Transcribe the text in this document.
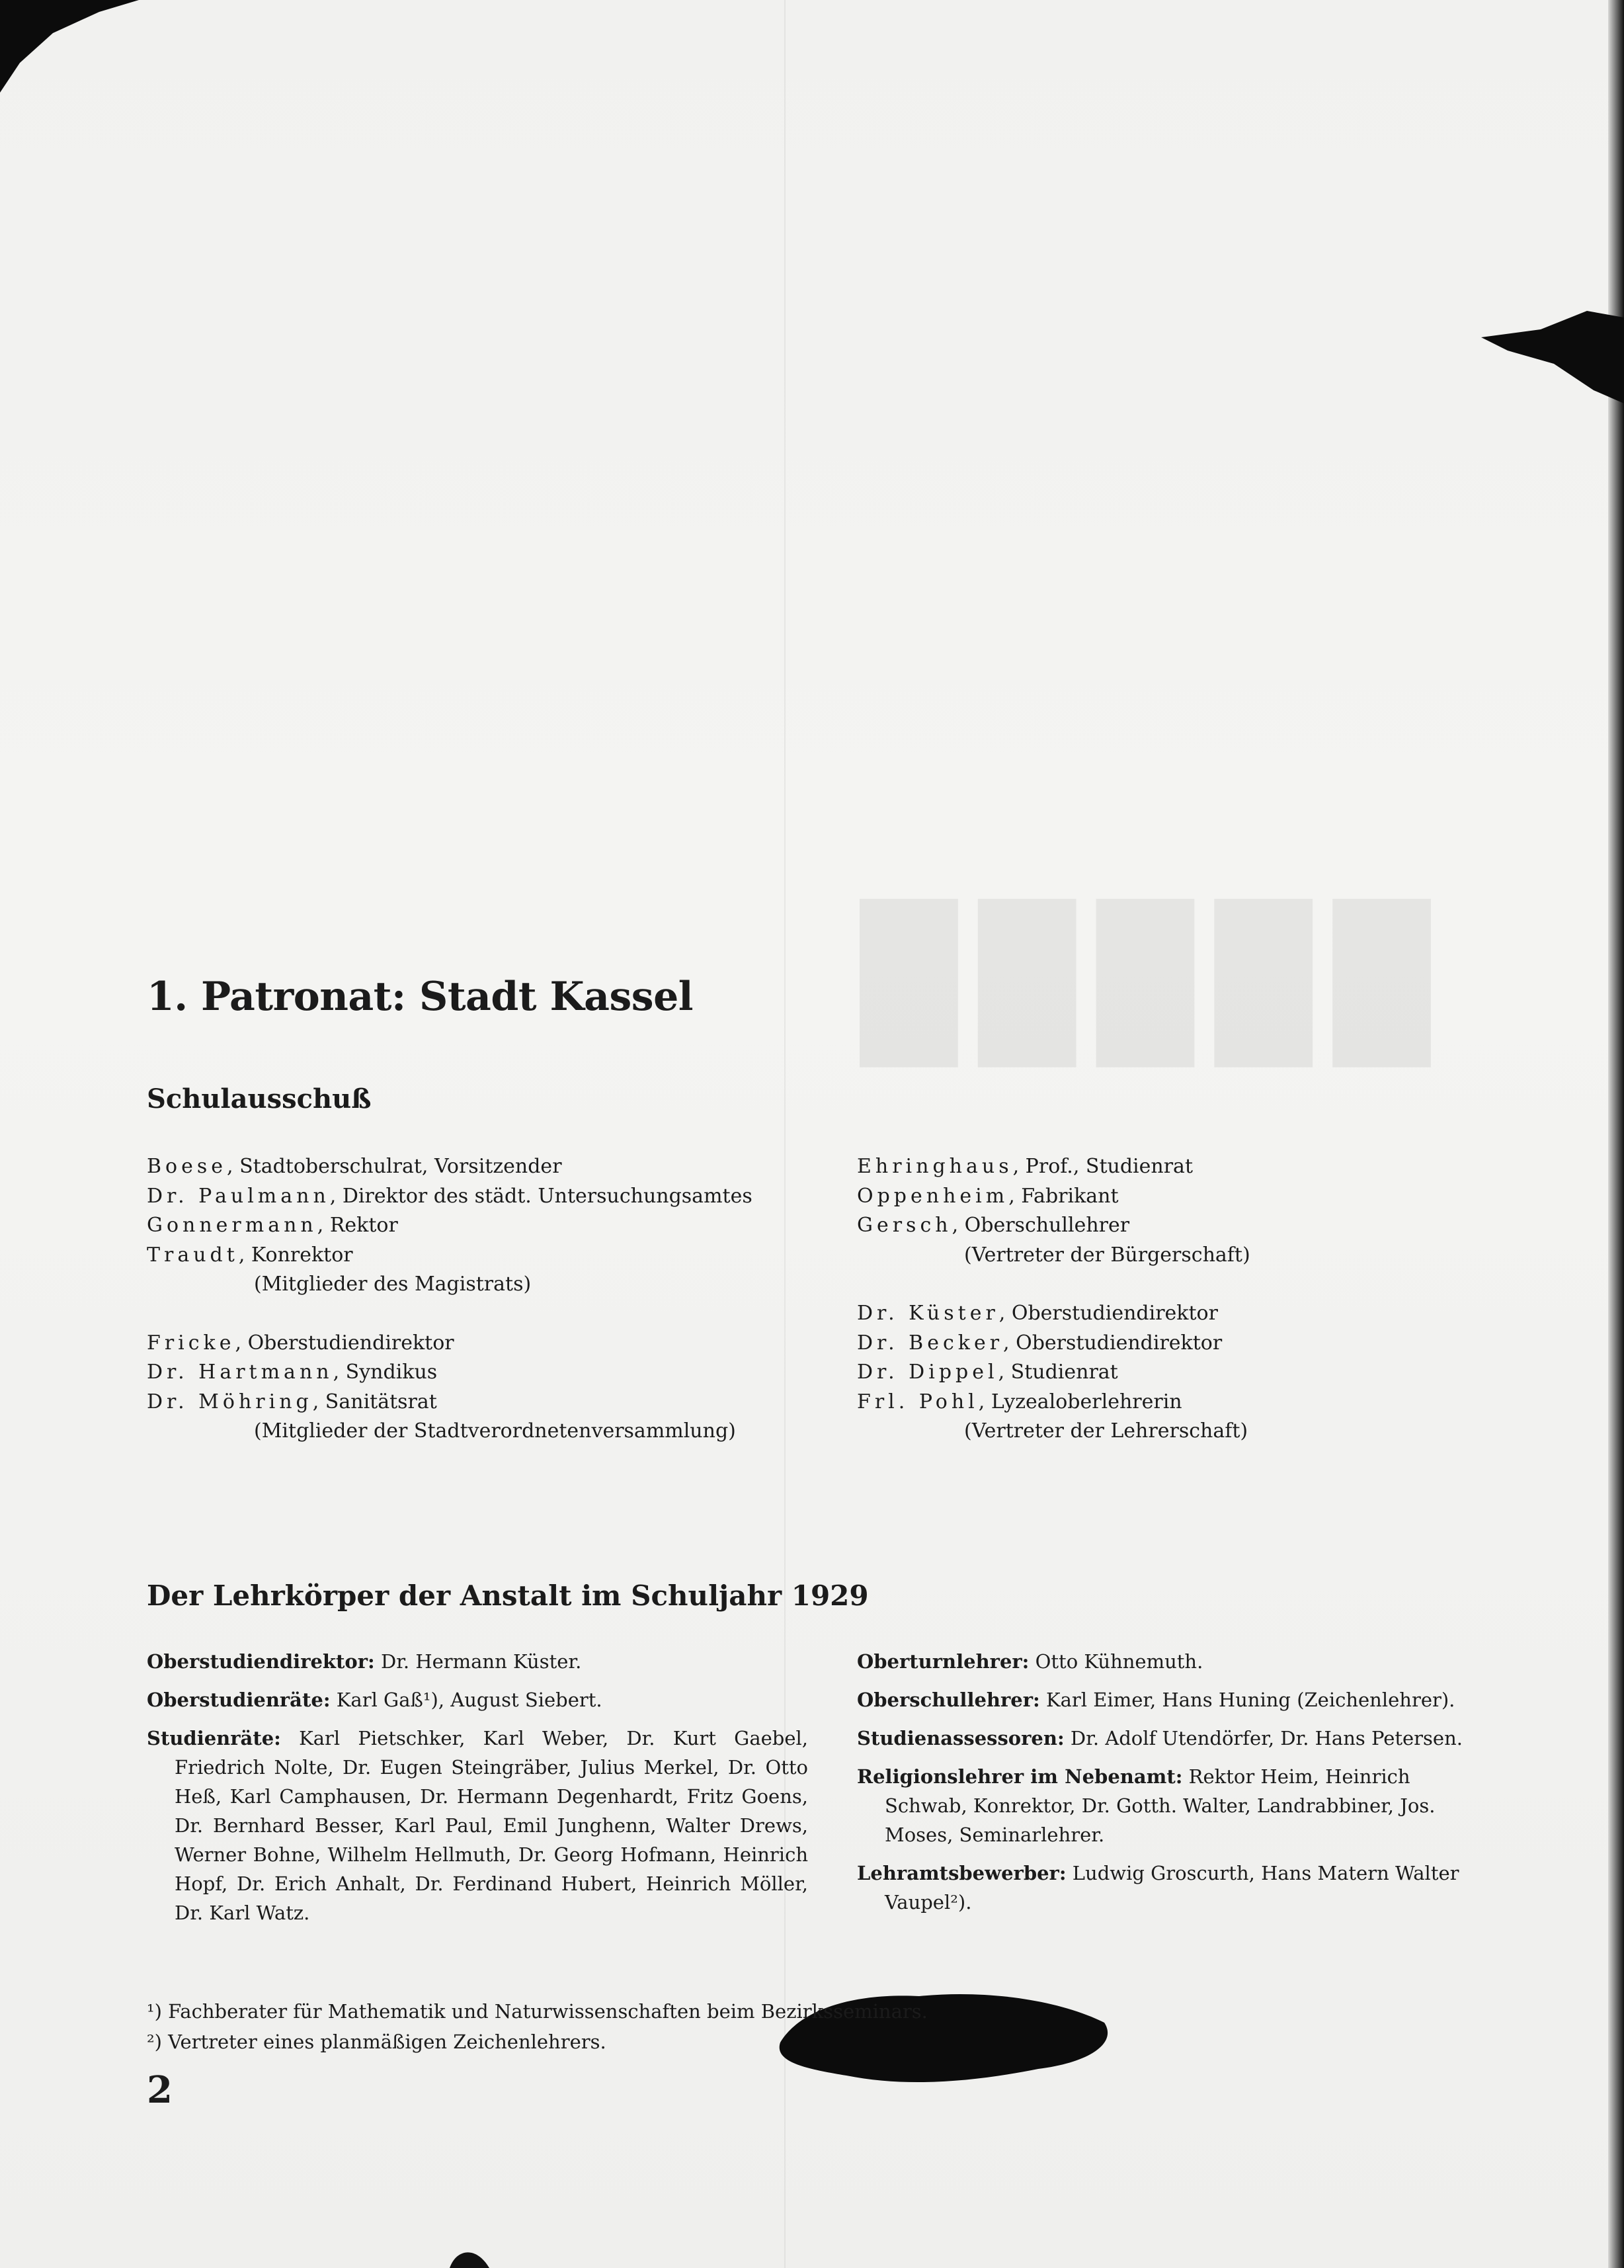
█████
1. Patronat: Stadt Kassel
Schulausschuß
Boese, Stadtoberschulrat, Vorsitzender
Dr. Paulmann, Direktor des städt. Untersuchungsamtes
Gonnermann, Rektor
Traudt, Konrektor
(Mitglieder des Magistrats)
Fricke, Oberstudiendirektor
Dr. Hartmann, Syndikus
Dr. Möhring, Sanitätsrat
(Mitglieder der Stadtverordnetenversammlung)
Ehringhaus, Prof., Studienrat
Oppenheim, Fabrikant
Gersch, Oberschullehrer
(Vertreter der Bürgerschaft)
Dr. Küster, Oberstudiendirektor
Dr. Becker, Oberstudiendirektor
Dr. Dippel, Studienrat
Frl. Pohl, Lyzealoberlehrerin
(Vertreter der Lehrerschaft)
Der Lehrkörper der Anstalt im Schuljahr 1929

Oberstudiendirektor: Dr. Hermann Küster.

Oberstudienräte: Karl Gaß¹), August Siebert.

Studienräte: Karl Pietschker, Karl Weber, Dr. Kurt Gaebel, Friedrich Nolte, Dr. Eugen Steingräber, Julius Merkel, Dr. Otto Heß, Karl Camphausen, Dr. Hermann Degenhardt, Fritz Goens, Dr. Bernhard Besser, Karl Paul, Emil Junghenn, Walter Drews, Werner Bohne, Wilhelm Hellmuth, Dr. Georg Hofmann, Heinrich Hopf, Dr. Erich Anhalt, Dr. Ferdinand Hubert, Heinrich Möller, Dr. Karl Watz.

Oberturnlehrer: Otto Kühnemuth.

Oberschullehrer: Karl Eimer, Hans Huning (Zeichenlehrer).

Studienassessoren: Dr. Adolf Utendörfer, Dr. Hans Petersen.

Religionslehrer im Nebenamt: Rektor Heim, Heinrich Schwab, Konrektor, Dr. Gotth. Walter, Landrabbiner, Jos. Moses, Seminarlehrer.

Lehramtsbewerber: Ludwig Groscurth, Hans Matern Walter Vaupel²).

¹) Fachberater für Mathematik und Naturwissenschaften beim Bezirksseminars.
²) Vertreter eines planmäßigen Zeichenlehrers.
2
